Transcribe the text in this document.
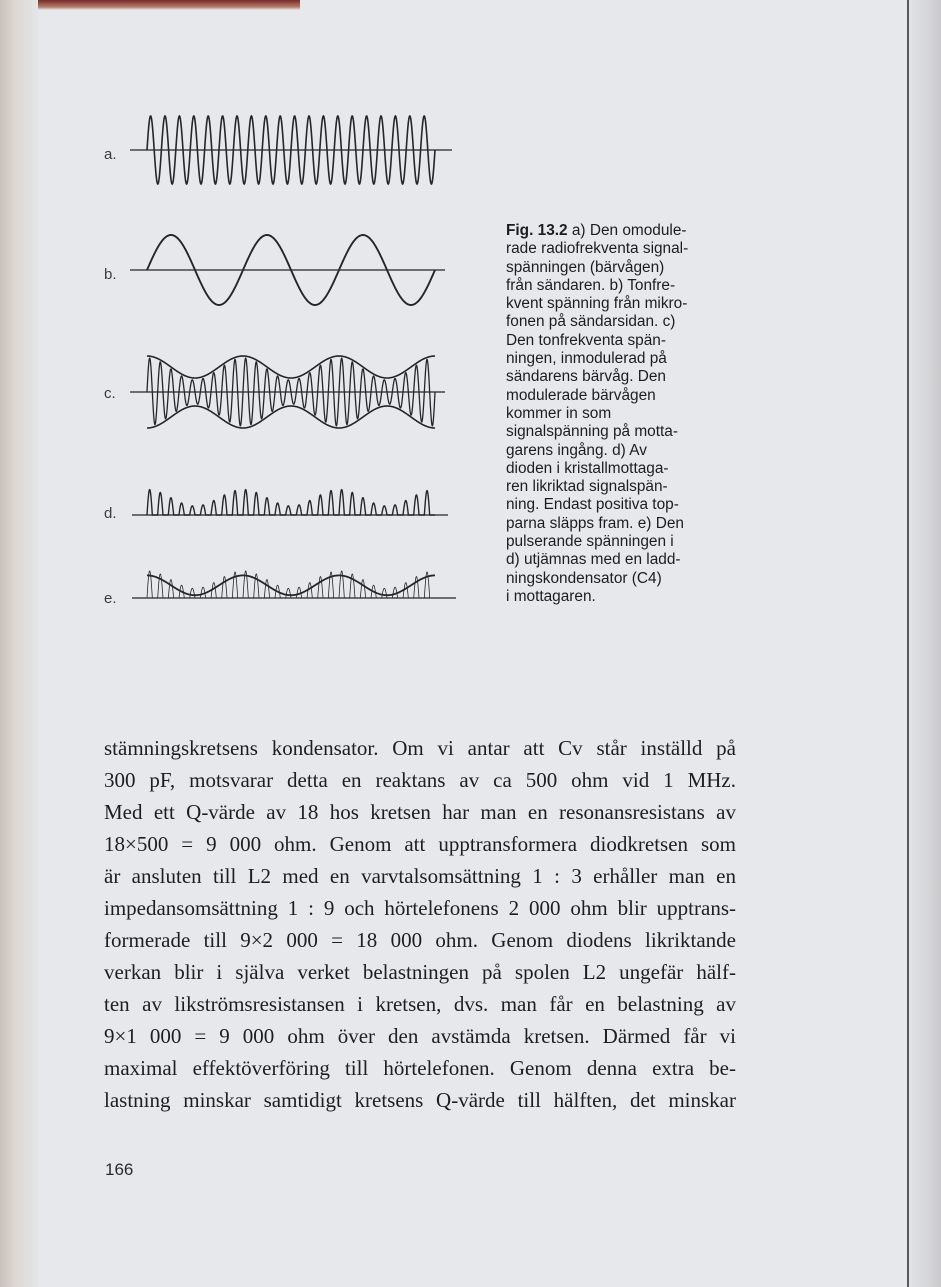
a.
b.
c.
d.
e.

Fig. 13.2 a) Den omodule-
rade radiofrekventa signal-
spänningen (bärvågen)
från sändaren. b) Tonfre-
kvent spänning från mikro-
fonen på sändarsidan. c)
Den tonfrekventa spän-
ningen, inmodulerad på
sändarens bärvåg. Den
modulerade bärvågen
kommer in som
signalspänning på motta-
garens ingång. d) Av
dioden i kristallmottaga-
ren likriktad signalspän-
ning. Endast positiva top-
parna släpps fram. e) Den
pulserande spänningen i
d) utjämnas med en ladd-
ningskondensator (C4)
i mottagaren.

stämningskretsens kondensator. Om vi antar att Cv står inställd på
300 pF, motsvarar detta en reaktans av ca 500 ohm vid 1 MHz.
Med ett Q-värde av 18 hos kretsen har man en resonansresistans av
18×500 = 9 000 ohm. Genom att upptransformera diodkretsen som
är ansluten till L2 med en varvtalsomsättning 1 : 3 erhåller man en
impedansomsättning 1 : 9 och hörtelefonens 2 000 ohm blir upptrans-
formerade till 9×2 000 = 18 000 ohm. Genom diodens likriktande
verkan blir i själva verket belastningen på spolen L2 ungefär hälf-
ten av likströmsresistansen i kretsen, dvs. man får en belastning av
9×1 000 = 9 000 ohm över den avstämda kretsen. Därmed får vi
maximal effektöverföring till hörtelefonen. Genom denna extra be-
lastning minskar samtidigt kretsens Q-värde till hälften, det minskar
166
